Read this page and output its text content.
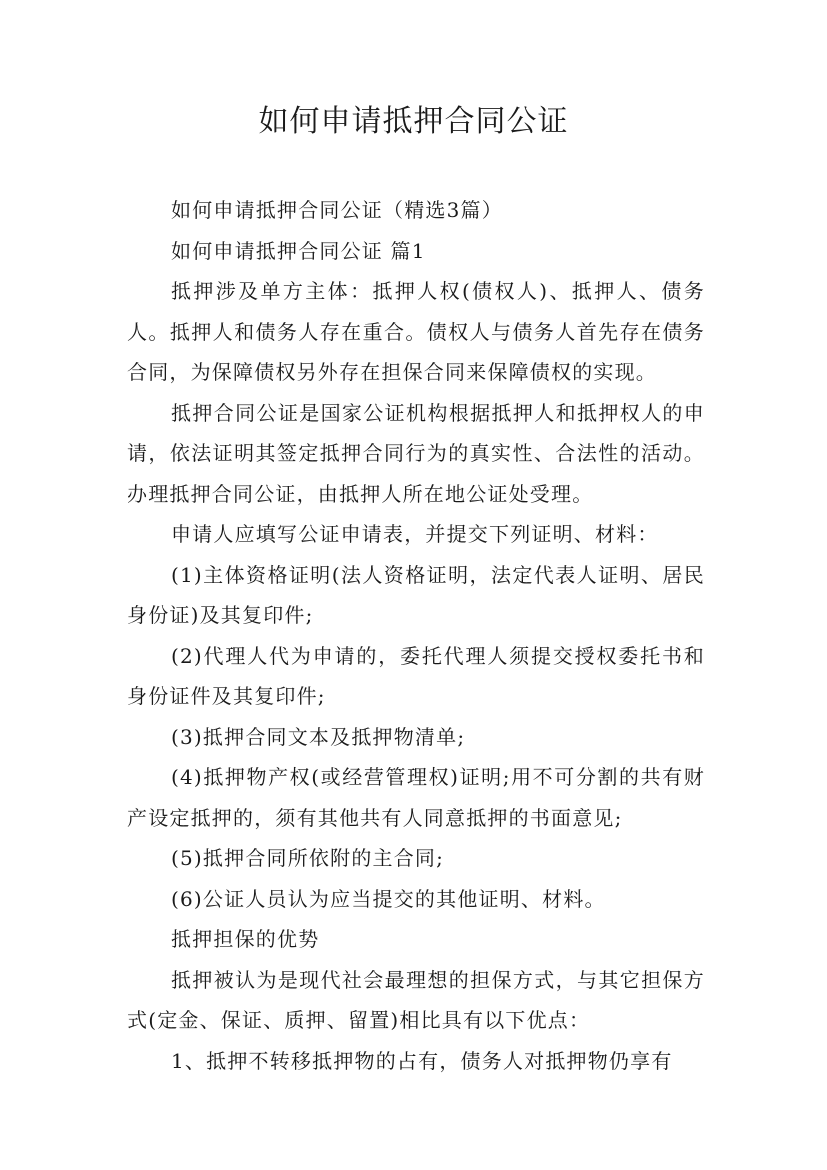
如何申请抵押合同公证

如何申请抵押合同公证（精选3篇）

如何申请抵押合同公证 篇1

抵押涉及单方主体：抵押人权(债权人)、抵押人、债务人。抵押人和债务人存在重合。债权人与债务人首先存在债务合同，为保障债权另外存在担保合同来保障债权的实现。

抵押合同公证是国家公证机构根据抵押人和抵押权人的申请，依法证明其签定抵押合同行为的真实性、合法性的活动。办理抵押合同公证，由抵押人所在地公证处受理。

申请人应填写公证申请表，并提交下列证明、材料：

(1)主体资格证明(法人资格证明，法定代表人证明、居民身份证)及其复印件;

(2)代理人代为申请的，委托代理人须提交授权委托书和身份证件及其复印件;

(3)抵押合同文本及抵押物清单;

(4)抵押物产权(或经营管理权)证明;用不可分割的共有财产设定抵押的，须有其他共有人同意抵押的书面意见;

(5)抵押合同所依附的主合同;

(6)公证人员认为应当提交的其他证明、材料。

抵押担保的优势

抵押被认为是现代社会最理想的担保方式，与其它担保方式(定金、保证、质押、留置)相比具有以下优点：

1、抵押不转移抵押物的占有，债务人对抵押物仍享有
